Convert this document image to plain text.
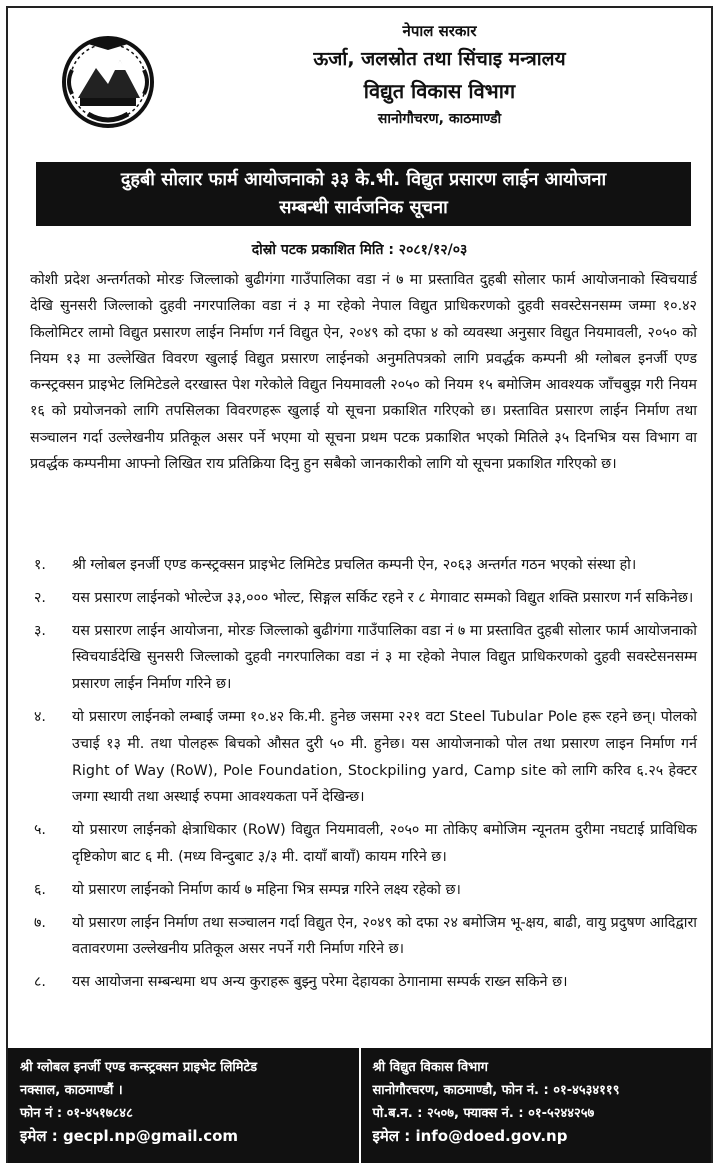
नेपाल सरकार
ऊर्जा, जलस्रोत तथा सिंचाइ मन्त्रालय
विद्युत विकास विभाग
सानोगौचरण, काठमाण्डौ
दुहबी सोलार फार्म आयोजनाको ३३ के.भी. विद्युत प्रसारण लाईन आयोजना
सम्बन्धी सार्वजनिक सूचना
दोस्रो पटक प्रकाशित मिति : २०८१/१२/०३
कोशी प्रदेश अन्तर्गतको मोरङ जिल्लाको बुढीगंगा गाउँपालिका वडा नं ७ मा प्रस्तावित दुहबी सोलार फार्म आयोजनाको स्विचयार्ड देखि सुनसरी जिल्लाको दुहवी नगरपालिका वडा नं ३ मा रहेको नेपाल विद्युत प्राधिकरणको दुहवी सवस्टेसनसम्म जम्मा १०.४२ किलोमिटर लामो विद्युत प्रसारण लाईन निर्माण गर्न विद्युत ऐन, २०४९ को दफा ४ को व्यवस्था अनुसार विद्युत नियमावली, २०५० को नियम १३ मा उल्लेखित विवरण खुलाई विद्युत प्रसारण लाईनको अनुमतिपत्रको लागि प्रवर्द्धक कम्पनी श्री ग्लोबल इनर्जी एण्ड कन्स्ट्रक्सन प्राइभेट लिमिटेडले दरखास्त पेश गरेकोले विद्युत नियमावली २०५० को नियम १५ बमोजिम आवश्यक जाँचबुझ गरी नियम १६ को प्रयोजनको लागि तपसिलका विवरणहरू खुलाई यो सूचना प्रकाशित गरिएको छ। प्रस्तावित प्रसारण लाईन निर्माण तथा सञ्चालन गर्दा उल्लेखनीय प्रतिकूल असर पर्ने भएमा यो सूचना प्रथम पटक प्रकाशित भएको मितिले ३५ दिनभित्र यस विभाग वा प्रवर्द्धक कम्पनीमा आफ्नो लिखित राय प्रतिक्रिया दिनु हुन सबैको जानकारीको लागि यो सूचना प्रकाशित गरिएको छ।
१.	श्री ग्लोबल इनर्जी एण्ड कन्स्ट्रक्सन प्राइभेट लिमिटेड प्रचलित कम्पनी ऐन, २०६३ अन्तर्गत गठन भएको संस्था हो।
२.	यस प्रसारण लाईनको भोल्टेज ३३,००० भोल्ट, सिङ्गल सर्किट रहने र ८ मेगावाट सम्मको विद्युत शक्ति प्रसारण गर्न सकिनेछ।
३.	यस प्रसारण लाईन आयोजना, मोरङ जिल्लाको बुढीगंगा गाउँपालिका वडा नं ७ मा प्रस्तावित दुहबी सोलार फार्म आयोजनाको स्विचयार्डदेखि सुनसरी जिल्लाको दुहवी नगरपालिका वडा नं ३ मा रहेको नेपाल विद्युत प्राधिकरणको दुहवी सवस्टेसनसम्म प्रसारण लाईन निर्माण गरिने छ।
४.	यो प्रसारण लाईनको लम्बाई जम्मा १०.४२ कि.मी. हुनेछ जसमा २२१ वटा Steel Tubular Pole हरू रहने छन्। पोलको उचाई १३ मी. तथा पोलहरू बिचको औसत दुरी ५० मी. हुनेछ। यस आयोजनाको पोल तथा प्रसारण लाइन निर्माण गर्न Right of Way (RoW), Pole Foundation, Stockpiling yard, Camp site को लागि करिव ६.२५ हेक्टर जग्गा स्थायी तथा अस्थाई रुपमा आवश्यकता पर्ने देखिन्छ।
५.	यो प्रसारण लाईनको क्षेत्राधिकार (RoW) विद्युत नियमावली, २०५० मा तोकिए बमोजिम न्यूनतम दुरीमा नघटाई प्राविधिक दृष्टिकोण बाट ६ मी. (मध्य विन्दुबाट ३/३ मी. दायाँ बायाँ) कायम गरिने छ।
६.	यो प्रसारण लाईनको निर्माण कार्य ७ महिना भित्र सम्पन्न गरिने लक्ष्य रहेको छ।
७.	यो प्रसारण लाईन निर्माण तथा सञ्चालन गर्दा विद्युत ऐन, २०४९ को दफा २४ बमोजिम भू-क्षय, बाढी, वायु प्रदुषण आदिद्वारा वतावरणमा उल्लेखनीय प्रतिकूल असर नपर्ने गरी निर्माण गरिने छ।
८.	यस आयोजना सम्बन्धमा थप अन्य कुराहरू बुझ्नु परेमा देहायका ठेगानामा सम्पर्क राख्न सकिने छ।
श्री ग्लोबल इनर्जी एण्ड कन्स्ट्रक्सन प्राइभेट लिमिटेड
नक्साल, काठमाण्डौं ।
फोन नं : ०१-४५१७८४८
इमेल : gecpl.np@gmail.com
श्री विद्युत विकास विभाग
सानोगौरचरण, काठमाण्डौ, फोन नं. : ०१-४५३४११९
पो.ब.न. : २५०७, फ्याक्स नं. : ०१-५२४४२५७
इमेल : info@doed.gov.np
